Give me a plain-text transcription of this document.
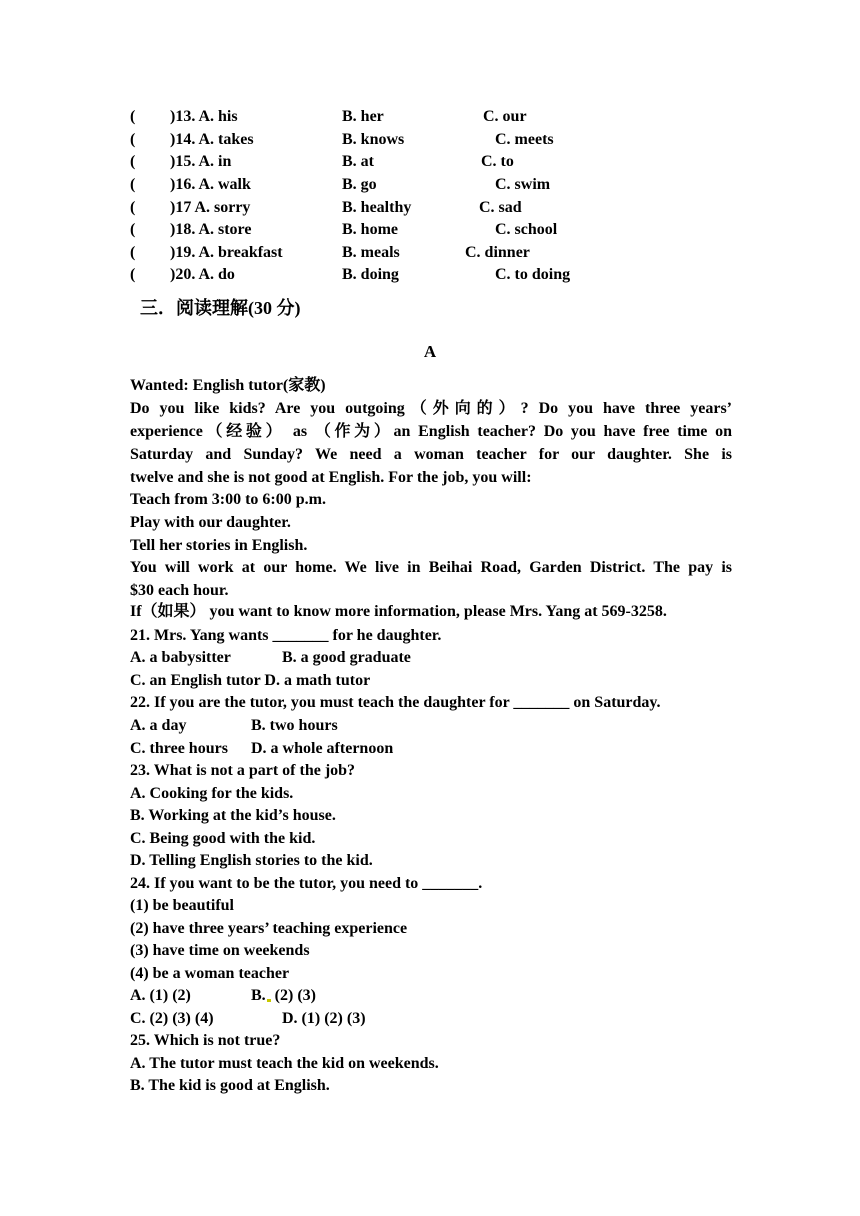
( )13. A. his	B. her	C. our
( )14. A. takes	B. knows	C. meets
( )15. A. in	B. at	C. to
( )16. A. walk	B. go	C. swim
( )17 A. sorry	B. healthy	C. sad
( )18. A. store	B. home	C. school
( )19. A. breakfast	B. meals	C. dinner
( )20. A. do	B. doing	C. to doing
三．阅读理解(30 分)
A
Wanted: English tutor(家教)
Do you like kids? Are you outgoing（外向的）? Do you have three years’
experience（经验） as （作为）an English teacher? Do you have free time on
Saturday and Sunday? We need a woman teacher for our daughter. She is
twelve and she is not good at English. For the job, you will:
Teach from 3:00 to 6:00 p.m.
Play with our daughter.
Tell her stories in English.
You will work at our home. We live in Beihai Road, Garden District. The pay is
$30 each hour.
If（如果） you want to know more information, please Mrs. Yang at 569-3258.
21. Mrs. Yang wants _______ for he daughter.
A. a babysitter	B. a good graduate
C. an English tutor D. a math tutor
22. If you are the tutor, you must teach the daughter for _______ on Saturday.
A. a day	B. two hours
C. three hours D. a whole afternoon
23. What is not a part of the job?
A. Cooking for the kids.
B. Working at the kid’s house.
C. Being good with the kid.
D. Telling English stories to the kid.
24. If you want to be the tutor, you need to _______.
(1) be beautiful
(2) have three years’ teaching experience
(3) have time on weekends
(4) be a woman teacher
A. (1) (2)	B. (2) (3)
C. (2) (3) (4)	D. (1) (2) (3)
25. Which is not true?
A. The tutor must teach the kid on weekends.
B. The kid is good at English.
